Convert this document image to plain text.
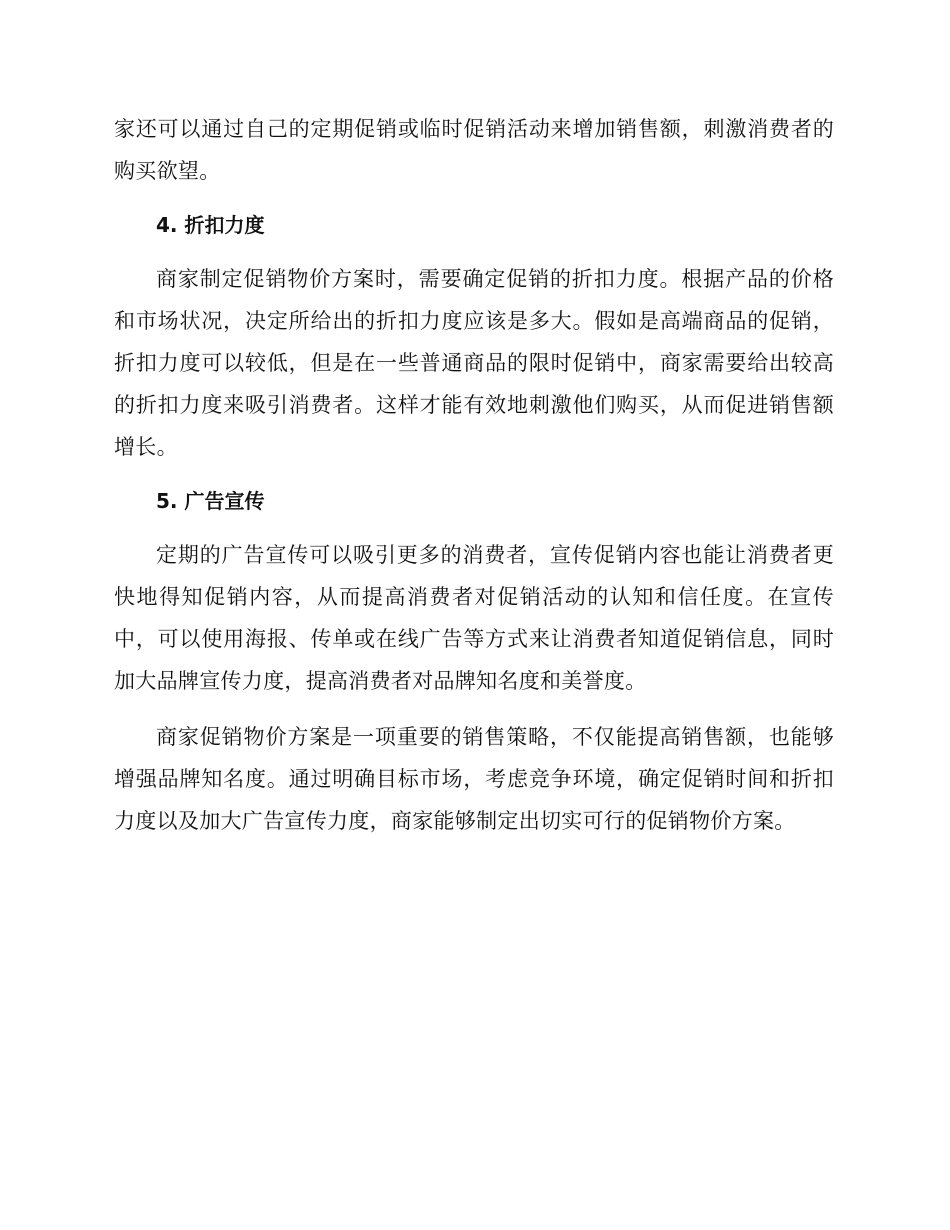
家还可以通过自己的定期促销或临时促销活动来增加销售额，刺激消费者的购买欲望。

4. 折扣力度

商家制定促销物价方案时，需要确定促销的折扣力度。根据产品的价格和市场状况，决定所给出的折扣力度应该是多大。假如是高端商品的促销，折扣力度可以较低，但是在一些普通商品的限时促销中，商家需要给出较高的折扣力度来吸引消费者。这样才能有效地刺激他们购买，从而促进销售额增长。

5. 广告宣传

定期的广告宣传可以吸引更多的消费者，宣传促销内容也能让消费者更快地得知促销内容，从而提高消费者对促销活动的认知和信任度。在宣传中，可以使用海报、传单或在线广告等方式来让消费者知道促销信息，同时加大品牌宣传力度，提高消费者对品牌知名度和美誉度。

商家促销物价方案是一项重要的销售策略，不仅能提高销售额，也能够增强品牌知名度。通过明确目标市场，考虑竞争环境，确定促销时间和折扣力度以及加大广告宣传力度，商家能够制定出切实可行的促销物价方案。
